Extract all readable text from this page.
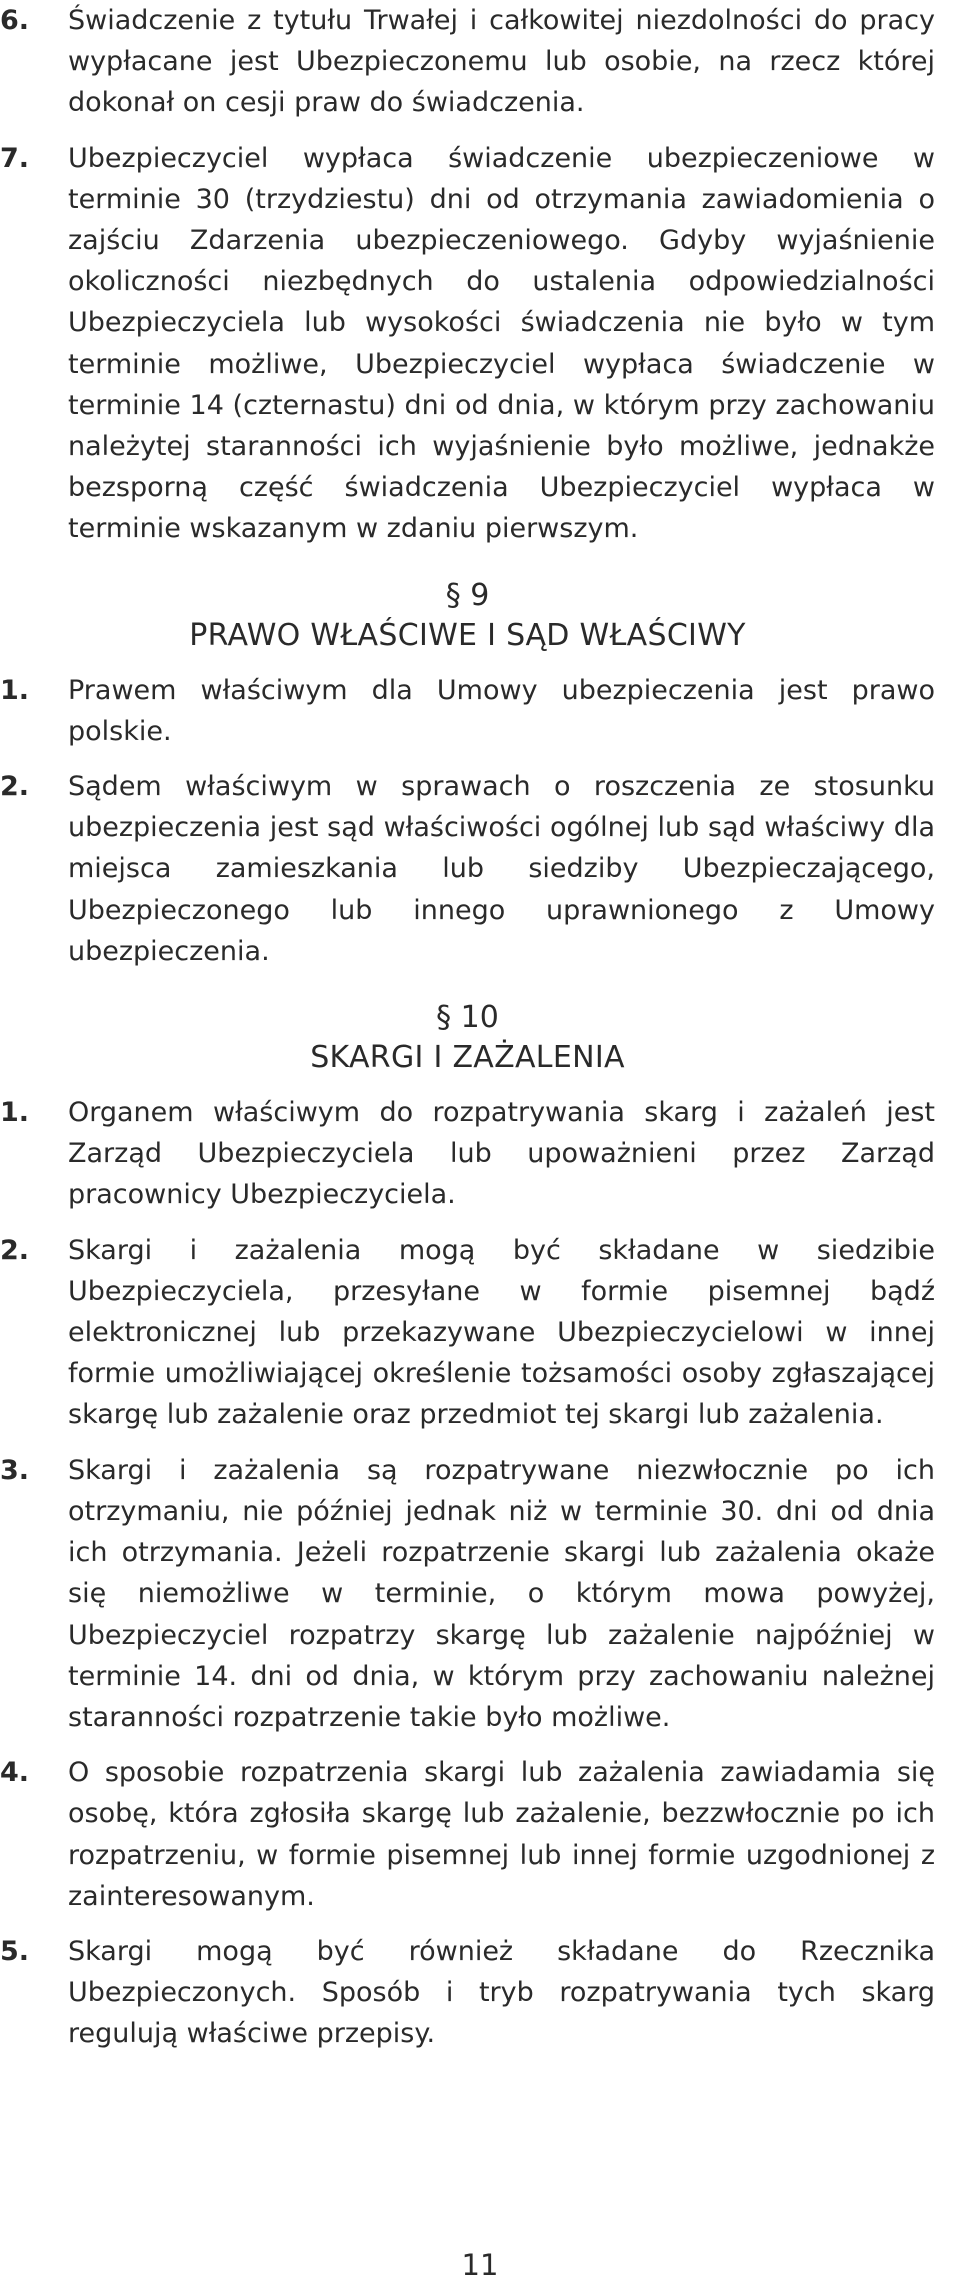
6.	Świadczenie z tytułu Trwałej i całkowitej niezdolności do pracy wypłacane jest Ubezpieczonemu lub osobie, na rzecz której dokonał on cesji praw do świadczenia.
7.	Ubezpieczyciel wypłaca świadczenie ubezpieczeniowe w terminie 30 (trzydziestu) dni od otrzymania zawiadomienia o zajściu Zdarzenia ubezpieczeniowego. Gdyby wyjaśnienie okoliczności niezbędnych do ustalenia odpowiedzialności Ubezpieczyciela lub wysokości świadczenia nie było w tym terminie możliwe, Ubezpieczyciel wypłaca świadczenie w terminie 14 (czternastu) dni od dnia, w którym przy zachowaniu należytej staranności ich wyjaśnienie było możliwe, jednakże bezsporną część świadczenia Ubezpieczyciel wypłaca w terminie wskazanym w zdaniu pierwszym.
§ 9
PRAWO WŁAŚCIWE I SĄD WŁAŚCIWY
1.	Prawem właściwym dla Umowy ubezpieczenia jest prawo polskie.
2.	Sądem właściwym w sprawach o roszczenia ze stosunku ubezpieczenia jest sąd właściwości ogólnej lub sąd właściwy dla miejsca zamieszkania lub siedziby Ubezpieczającego, Ubezpieczonego lub innego uprawnionego z Umowy ubezpieczenia.
§ 10
SKARGI I ZAŻALENIA
1.	Organem właściwym do rozpatrywania skarg i zażaleń jest Zarząd Ubezpieczyciela lub upoważnieni przez Zarząd pracownicy Ubezpieczyciela.
2.	Skargi i zażalenia mogą być składane w siedzibie Ubezpieczyciela, przesyłane w formie pisemnej bądź elektronicznej lub przekazywane Ubezpieczycielowi w innej formie umożliwiającej określenie tożsamości osoby zgłaszającej skargę lub zażalenie oraz przedmiot tej skargi lub zażalenia.
3.	Skargi i zażalenia są rozpatrywane niezwłocznie po ich otrzymaniu, nie później jednak niż w terminie 30. dni od dnia ich otrzymania. Jeżeli rozpatrzenie skargi lub zażalenia okaże się niemożliwe w terminie, o którym mowa powyżej, Ubezpieczyciel rozpatrzy skargę lub zażalenie najpóźniej w terminie 14. dni od dnia, w którym przy zachowaniu należnej staranności rozpatrzenie takie było możliwe.
4.	O sposobie rozpatrzenia skargi lub zażalenia zawiadamia się osobę, która zgłosiła skargę lub zażalenie, bezzwłocznie po ich rozpatrzeniu, w formie pisemnej lub innej formie uzgodnionej z zainteresowanym.
5.	Skargi mogą być również składane do Rzecznika Ubezpieczonych. Sposób i tryb rozpatrywania tych skarg regulują właściwe przepisy.
11
